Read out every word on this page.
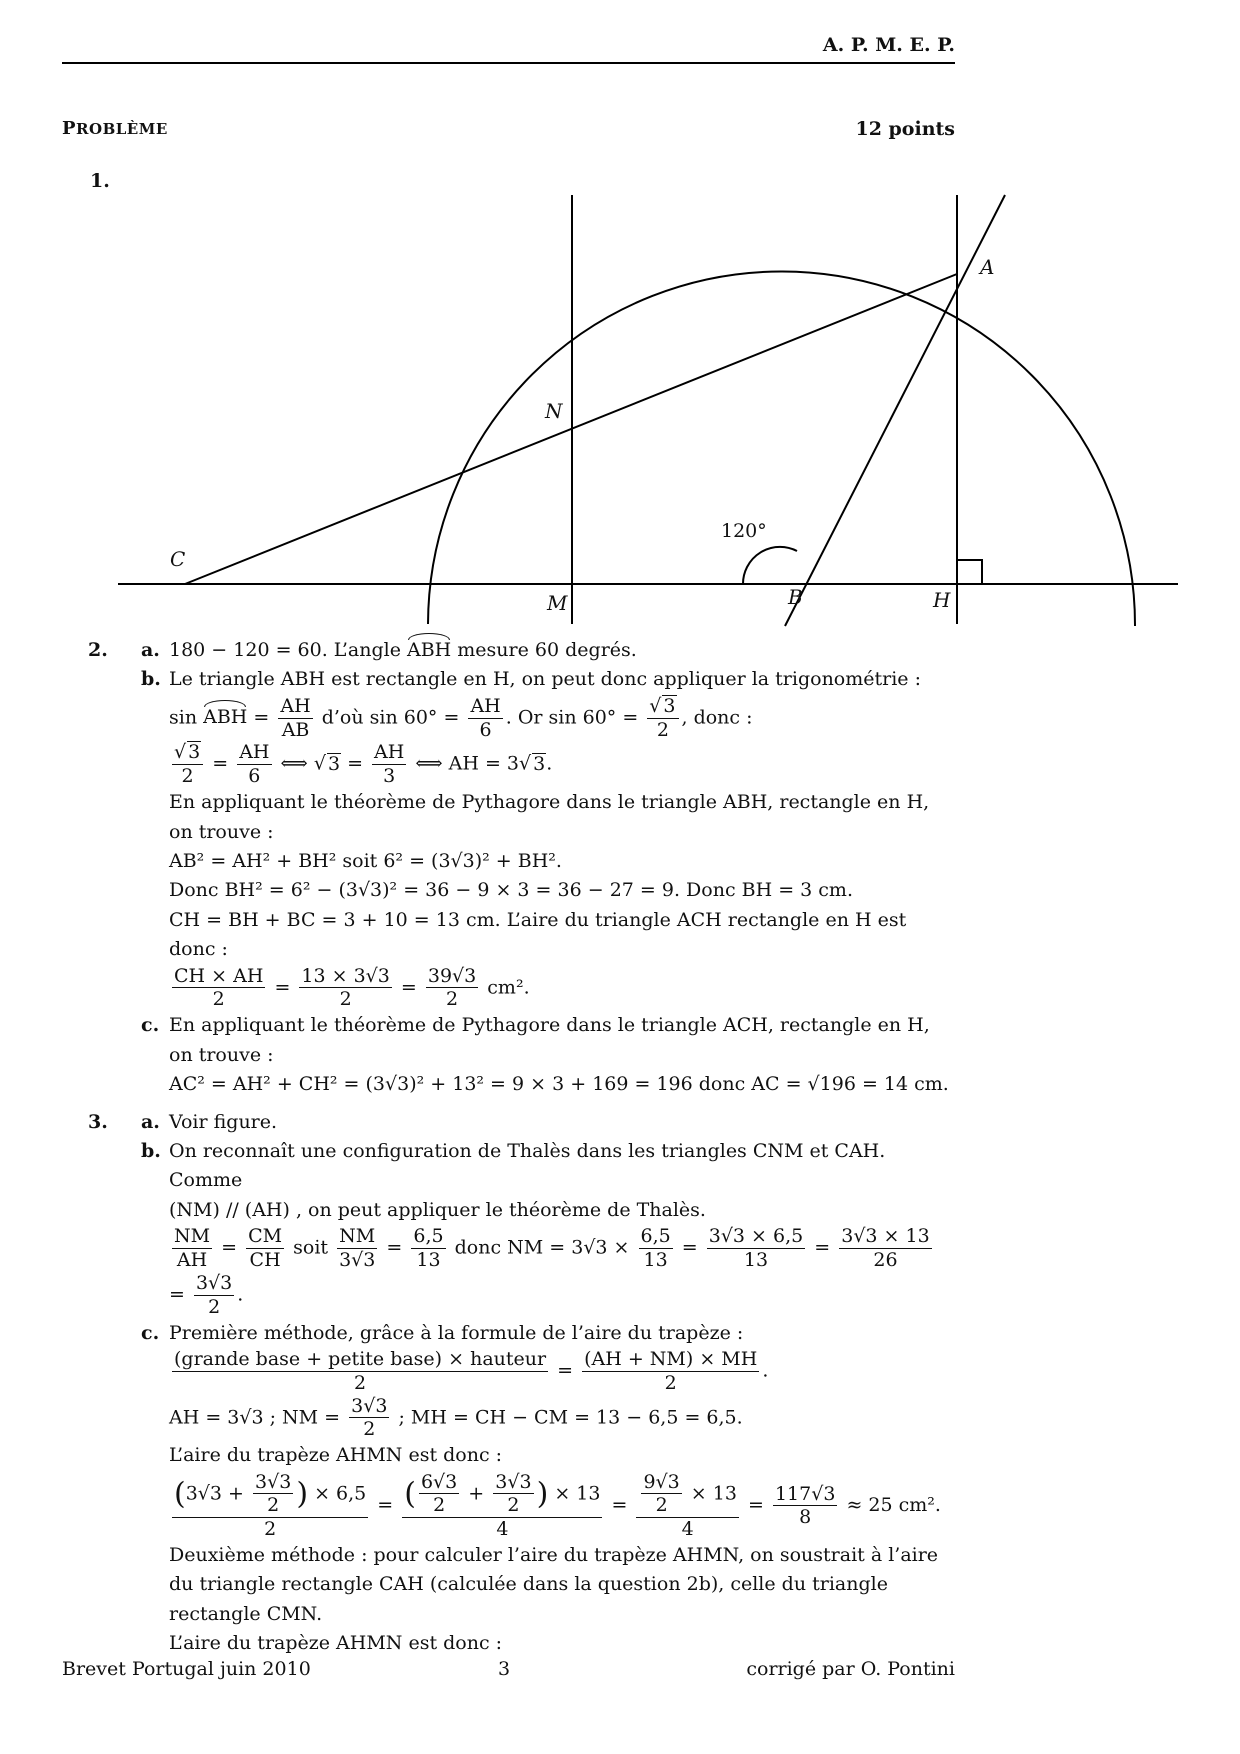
A. P. M. E. P.
PROBLÈME	12 points
1.
A
N
C
M	B	H
120°
2. a. 180 − 120 = 60. L’angle ABH mesure 60 degrés.
b. Le triangle ABH est rectangle en H, on peut donc appliquer la trigonométrie :
sin ABH = $\frac{AH}{AB}$ d’où $\sin 60^\circ = \frac{AH}{6}$ . Or $\sin 60^\circ = \frac{√ 3}{2}$ , donc :
$\frac{√ 3}{2} = \frac{AH}{6}$ ⟺ √ $3 = \frac{AH}{3}$ ⟺ AH = 3√ 3.
En appliquant le théorème de Pythagore dans le triangle ABH, rectangle en H, on trouve :
AB² = AH² + BH² soit 6² = (3√3)² + BH².
Donc BH² = 6² − (3√3)² = 36 − 9 × 3 = 36 − 27 = 9. Donc BH = 3 cm.
CH = BH + BC = 3 + 10 = 13 cm. L’aire du triangle ACH rectangle en H est donc :
$\frac{CH \times AH}{2} = \frac{13 \times 3√3}{2} = \frac{39√3}{2} cm^2$.
c. En appliquant le théorème de Pythagore dans le triangle ACH, rectangle en H, on trouve :
AC² = AH² + CH² = (3√3)² + 13² = 9 × 3 + 169 = 196 donc AC = √196 = 14 cm.
3. a. Voir figure.
b. On reconnaît une configuration de Thalès dans les triangles CNM et CAH. Comme
(NM) // (AH) , on peut appliquer le théorème de Thalès.
$\frac{NM}{AH} = \frac{CM}{CH}$ soit $\frac{NM}{3√3} = \frac{6,5}{13}$ donc NM = $3√3 \times \frac{6,5}{13} = \frac{3√3 \times 6,5}{13} = \frac{3√3 \times 13}{26}$
= $\frac{3√3}{2}$ .
c. Première méthode, grâce à la formule de l’aire du trapèze :
$\frac{\text{(grande base + petite base) × hauteur}}{2} = \frac{(AH + NM) \times MH}{2}$ .
AH = 3√3 ; NM = $\frac{3√3}{2}$ ; MH = CH − CM = 13 − 6,5 = 6,5.
L’aire du trapèze AHMN est donc :
$\frac{(3√3 + \frac{3√3}{2} ) \times 6,5}{2} = \frac{( \frac{6√3}{2} + \frac{3√3}{2} ) \times 13}{4} = \frac{\frac{9√3}{2} \times 13}{4} = \frac{117√3}{8} \approx 25$ cm².
Deuxième méthode : pour calculer l’aire du trapèze AHMN, on soustrait à l’aire du triangle rectangle CAH (calculée dans la question 2b), celle du triangle rectangle CMN.
L’aire du trapèze AHMN est donc :
Brevet Portugal juin 2010	3	corrigé par O. Pontini
